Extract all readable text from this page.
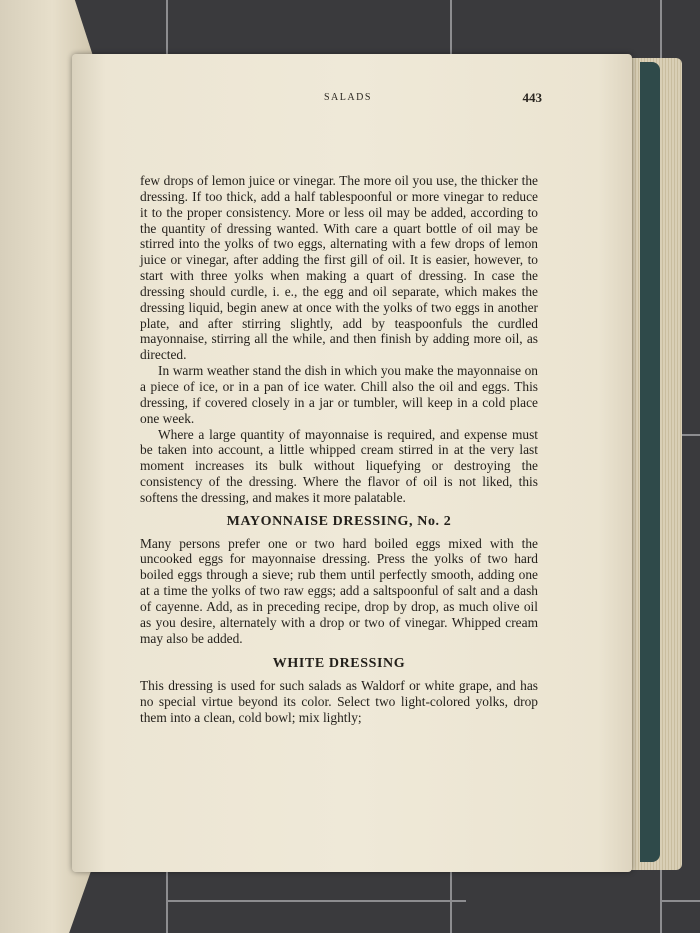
SALADS	443

few drops of lemon juice or vinegar. The more oil you use, the thicker the dressing. If too thick, add a half tablespoonful or more vinegar to reduce it to the proper consistency. More or less oil may be added, according to the quantity of dressing wanted. With care a quart bottle of oil may be stirred into the yolks of two eggs, alternating with a few drops of lemon juice or vinegar, after adding the first gill of oil. It is easier, however, to start with three yolks when making a quart of dressing. In case the dressing should curdle, i. e., the egg and oil separate, which makes the dressing liquid, begin anew at once with the yolks of two eggs in another plate, and after stirring slightly, add by teaspoonfuls the curdled mayonnaise, stirring all the while, and then finish by adding more oil, as directed.

In warm weather stand the dish in which you make the mayonnaise on a piece of ice, or in a pan of ice water. Chill also the oil and eggs. This dressing, if covered closely in a jar or tumbler, will keep in a cold place one week.

Where a large quantity of mayonnaise is required, and expense must be taken into account, a little whipped cream stirred in at the very last moment increases its bulk without liquefying or destroying the consistency of the dressing. Where the flavor of oil is not liked, this softens the dressing, and makes it more palatable.

MAYONNAISE DRESSING, No. 2

Many persons prefer one or two hard boiled eggs mixed with the uncooked eggs for mayonnaise dressing. Press the yolks of two hard boiled eggs through a sieve; rub them until perfectly smooth, adding one at a time the yolks of two raw eggs; add a saltspoonful of salt and a dash of cayenne. Add, as in preceding recipe, drop by drop, as much olive oil as you desire, alternately with a drop or two of vinegar. Whipped cream may also be added.

WHITE DRESSING

This dressing is used for such salads as Waldorf or white grape, and has no special virtue beyond its color. Select two light-colored yolks, drop them into a clean, cold bowl; mix lightly;
